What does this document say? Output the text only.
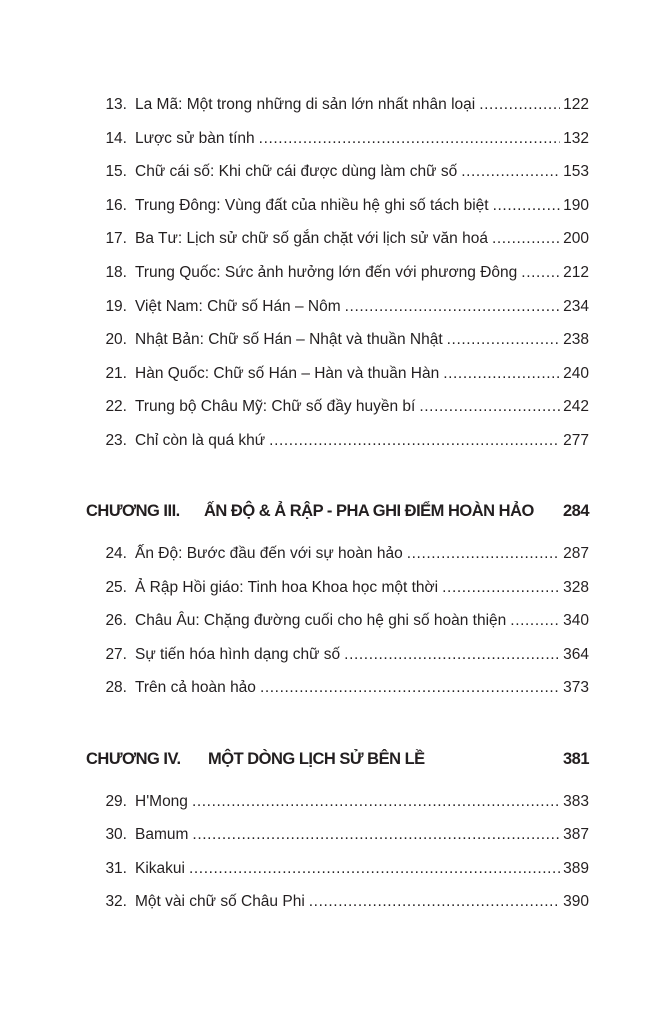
13. La Mã: Một trong những di sản lớn nhất nhân loại .....	122
14. Lược sử bàn tính .....	132
15. Chữ cái số: Khi chữ cái được dùng làm chữ số .....	153
16. Trung Đông: Vùng đất của nhiều hệ ghi số tách biệt .....	190
17. Ba Tư: Lịch sử chữ số gắn chặt với lịch sử văn hoá .....	200
18. Trung Quốc: Sức ảnh hưởng lớn đến với phương Đông .....	212
19. Việt Nam: Chữ số Hán – Nôm .....	234
20. Nhật Bản: Chữ số Hán – Nhật và thuần Nhật .....	238
21. Hàn Quốc: Chữ số Hán – Hàn và thuần Hàn .....	240
22. Trung bộ Châu Mỹ: Chữ số đầy huyền bí .....	242
23. Chỉ còn là quá khứ .....	277
CHƯƠNG III. ẤN ĐỘ & Ả RẬP - PHA GHI ĐIỂM HOÀN HẢO 284
24. Ấn Độ: Bước đầu đến với sự hoàn hảo .....	287
25. Ả Rập Hồi giáo: Tinh hoa Khoa học một thời .....	328
26. Châu Âu: Chặng đường cuối cho hệ ghi số hoàn thiện .....	340
27. Sự tiến hóa hình dạng chữ số .....	364
28. Trên cả hoàn hảo .....	373
CHƯƠNG IV. MỘT DÒNG LỊCH SỬ BÊN LỀ	381
29. H'Mong .....	383
30. Bamum .....	387
31. Kikakui .....	389
32. Một vài chữ số Châu Phi .....	390
